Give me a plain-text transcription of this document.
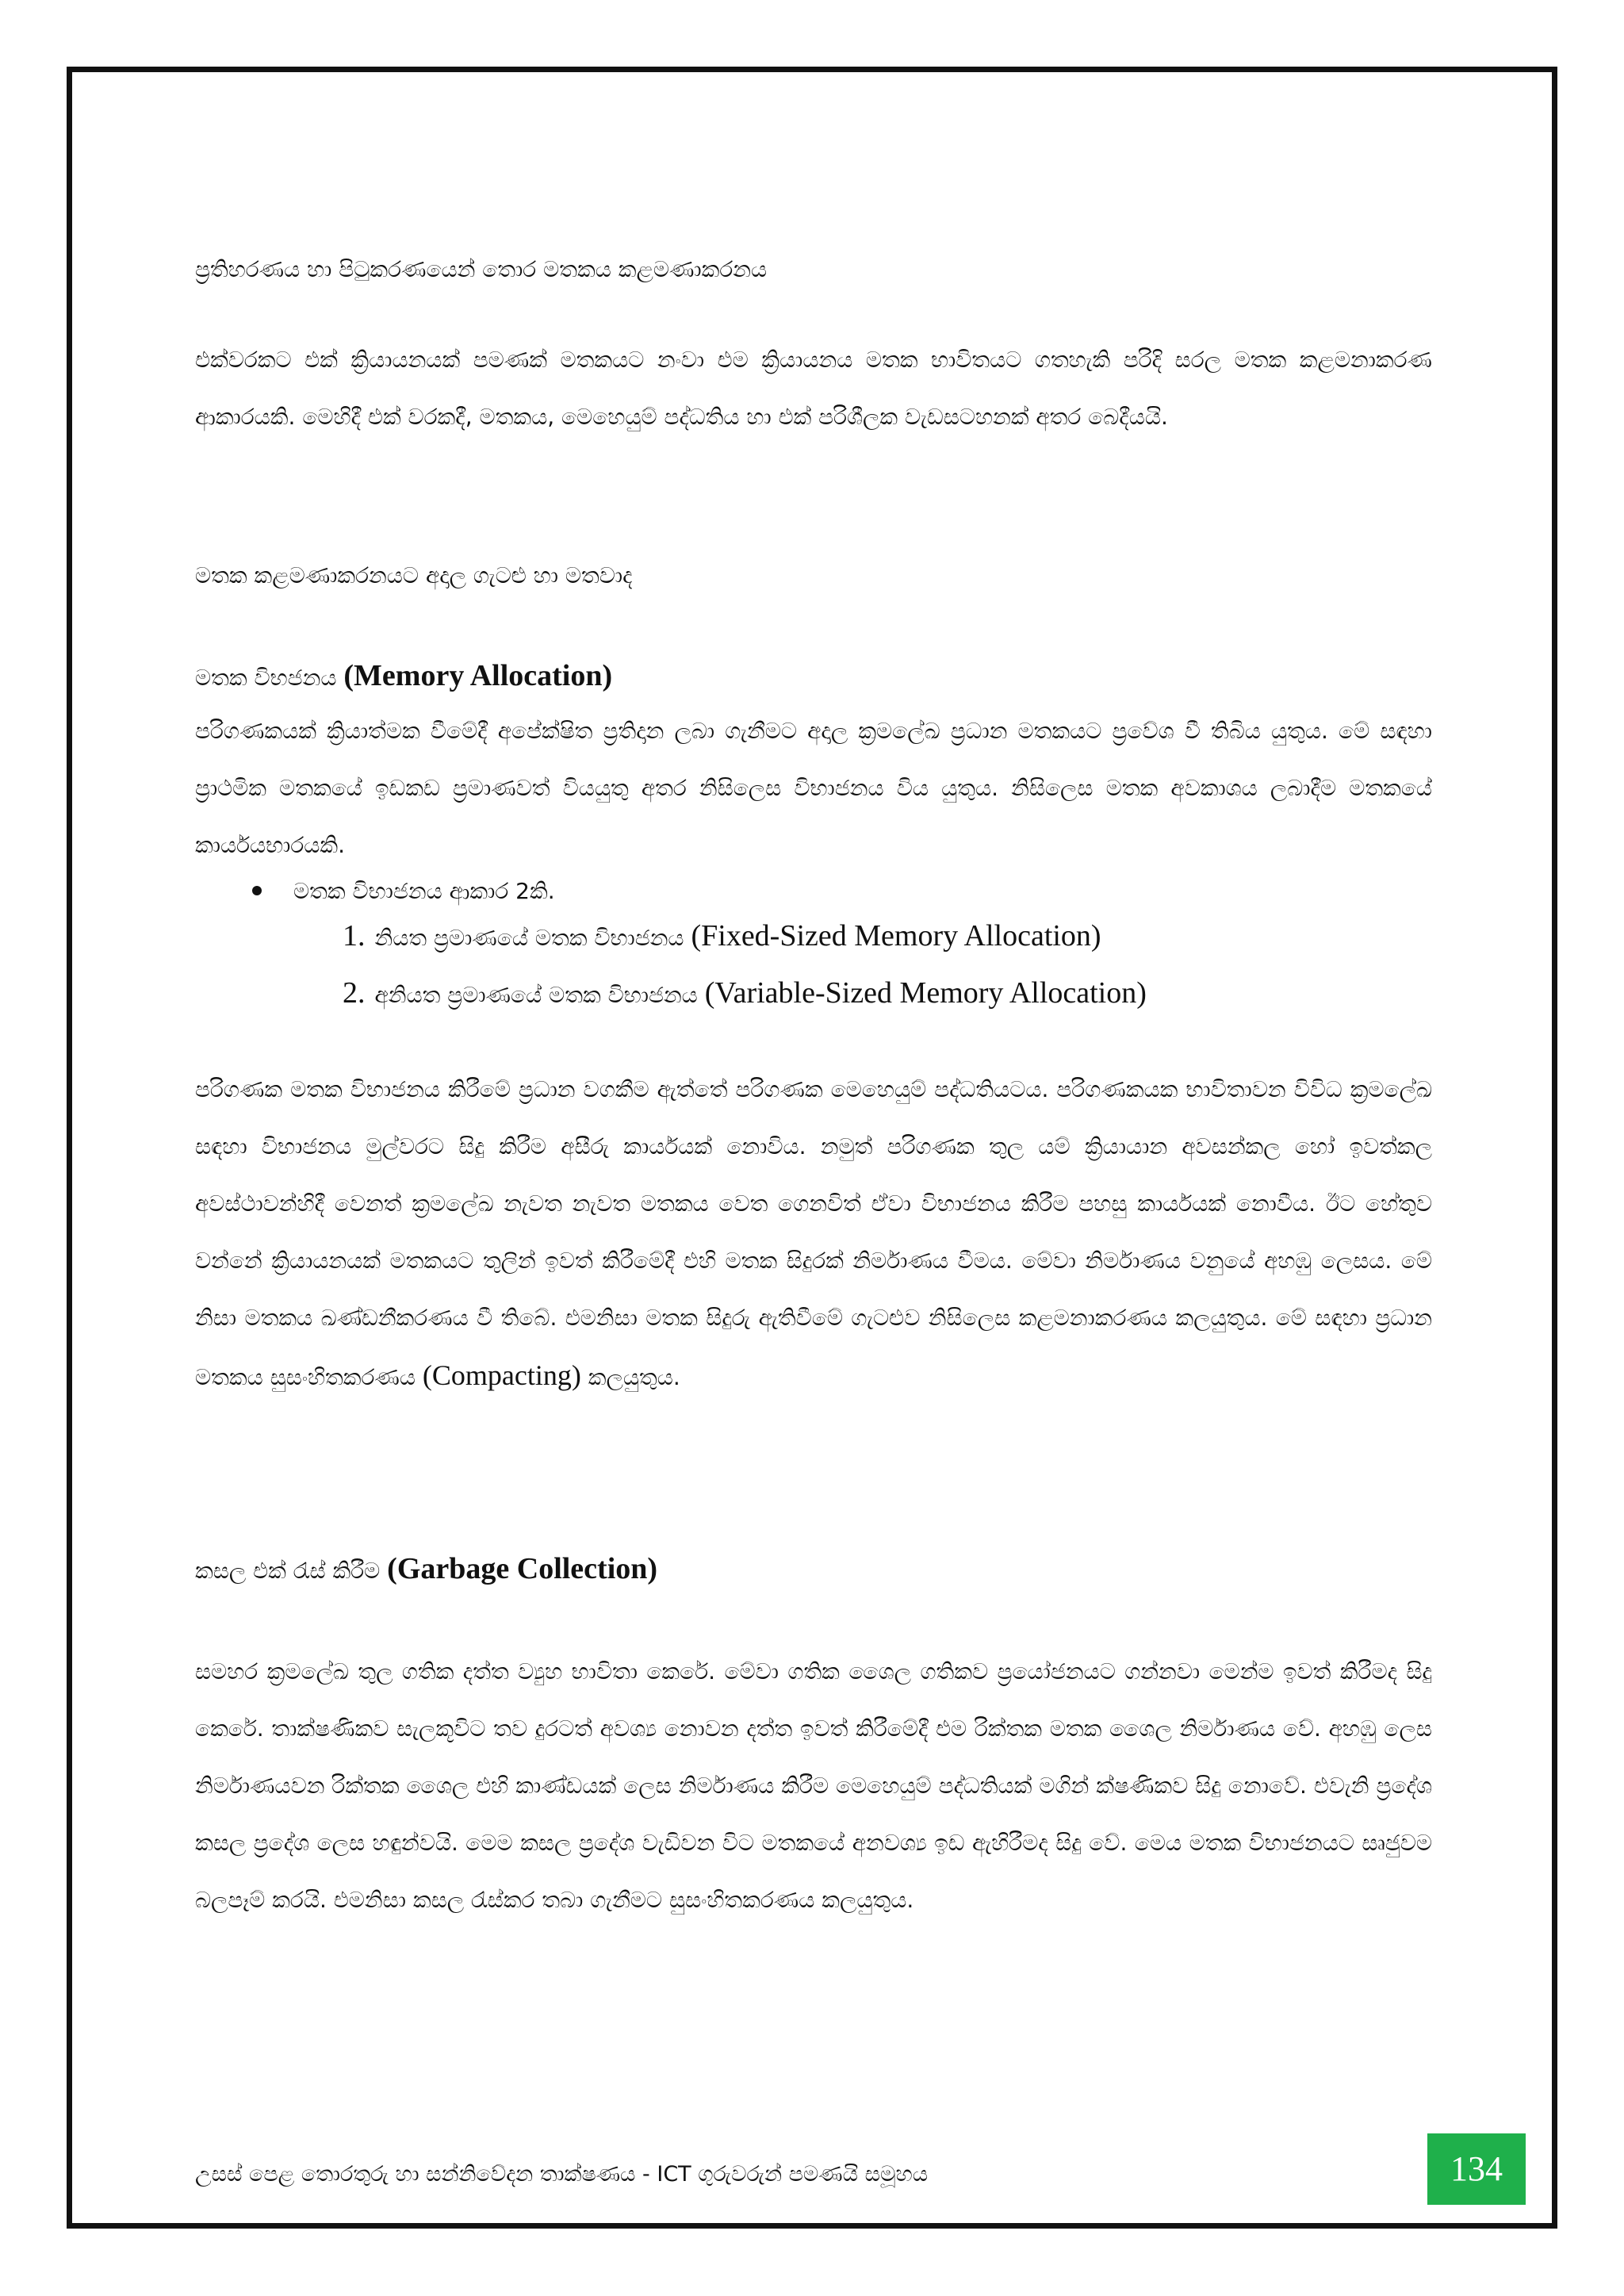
ප්‍රතිහරණය හා පිටුකරණයෙන් තොර මතකය කළමණාකරනය

එක්වරකට එක් ක්‍රියායනයක් පමණක් මතකයට නංවා එම ක්‍රියායනය මතක භාවිතයට ගතහැකි පරිදි සරල මතක කළමනාකරණ ආකාරයකි. මෙහිදී එක් වරකදී, මතකය, මෙහෙයුම් පද්ධතිය හා එක් පරිශීලක වැඩසටහනක් අතර බෙදීයයි.

මතක කළමණාකරනයට අදාල ගැටළු හා මතවාද

මතක විභජනය (Memory Allocation)

පරිගණකයක් ක්‍රියාත්මක වීමේදී අපේක්ෂිත ප්‍රතිදාන ලබා ගැනීමට අදාල ක්‍රමලේඛ ප්‍රධාන මතකයට ප්‍රවේශ වී තිබිය යුතුය. මේ සඳහා ප්‍රාථමික මතකයේ ඉඩකඩ ප්‍රමාණවත් වියයුතු අතර නිසිලෙස විභාජනය විය යුතුය. නිසිලෙස මතක අවකාශය ලබාදීම මතකයේ කාර්යයභාරයකි.

මතක විභාජනය ආකාර 2කි.
1. නියත ප්‍රමාණයේ මතක විභාජනය (Fixed-Sized Memory Allocation)
2. අනියත ප්‍රමාණයේ මතක විභාජනය (Variable-Sized Memory Allocation)

පරිගණක මතක විභාජනය කිරීමේ ප්‍රධාන වගකීම ඇත්තේ පරිගණක මෙහෙයුම් පද්ධතියටය. පරිගණකයක භාවිතාවන විවිධ ක්‍රමලේඛ සඳහා විභාජනය මුල්වරට සිදු කිරීම අසීරු කාර්යයක් නොවිය. නමුත් පරිගණක තුල යම් ක්‍රියායාන අවසන්කල හෝ ඉවත්කල අවස්ථාවන්හිදී වෙනත් ක්‍රමලේඛ නැවත නැවත මතකය වෙත ගෙනවිත් ඒවා විභාජනය කිරීම පහසු කාර්යයක් නොවීය. ඊට හේතුව වන්නේ ක්‍රියායනයක් මතකයට තුලින් ඉවත් කිරීමේදී එහි මතක සිදුරක් නිර්මාණය වීමය. මේවා නිර්මාණය වනුයේ අහඹු ලෙසය. මේ නිසා මතකය ඛණ්ඩනීකරණය වී තිබේ. එමනිසා මතක සිදුරු ඇතිවීමේ ගැටළුව නිසිලෙස කළමනාකරණය කලයුතුය. මේ සඳහා ප්‍රධාන මතකය සුසංහිතකරණය (Compacting) කලයුතුය.

කසල එක් රැස් කිරීම (Garbage Collection)

සමහර ක්‍රමලේඛ තුල ගතික දත්ත ව්‍යුහ භාවිතා කෙරේ. මේවා ගතික ශෛල ගතිකව ප්‍රයෝජනයට ගන්නවා මෙන්ම ඉවත් කිරීමද සිදු කෙරේ. තාක්ෂණිකව සැලකූවිට තව දුරටත් අවශ්‍ය නොවන දත්ත ඉවත් කිරීමේදී එම රික්තක මතක ශෛල නිර්මාණය වේ. අහඹු ලෙස නිර්මාණයවන රික්තක ශෛල එහි කාණ්ඩයක් ලෙස නිර්මාණය කිරීම මෙහෙයුම් පද්ධතියක් මගින් ක්ෂණිකව සිදු නොවේ. එවැනි ප්‍රදේශ කසල ප්‍රදේශ ලෙස හඳුන්වයි. මෙම කසල ප්‍රදේශ වැඩිවන විට මතකයේ අනවශ්‍ය ඉඩ ඇහිරීමද සිදු වේ. මෙය මතක විභාජනයට සෘජුවම බලපෑම් කරයි. එමනිසා කසල රැස්කර තබා ගැනීමට සුසංහිතකරණය කලයුතුය.

උසස් පෙළ තොරතුරු හා සන්නිවේදන තාක්ෂණය - ICT ගුරුවරුන් පමණයි සමූහය	134
